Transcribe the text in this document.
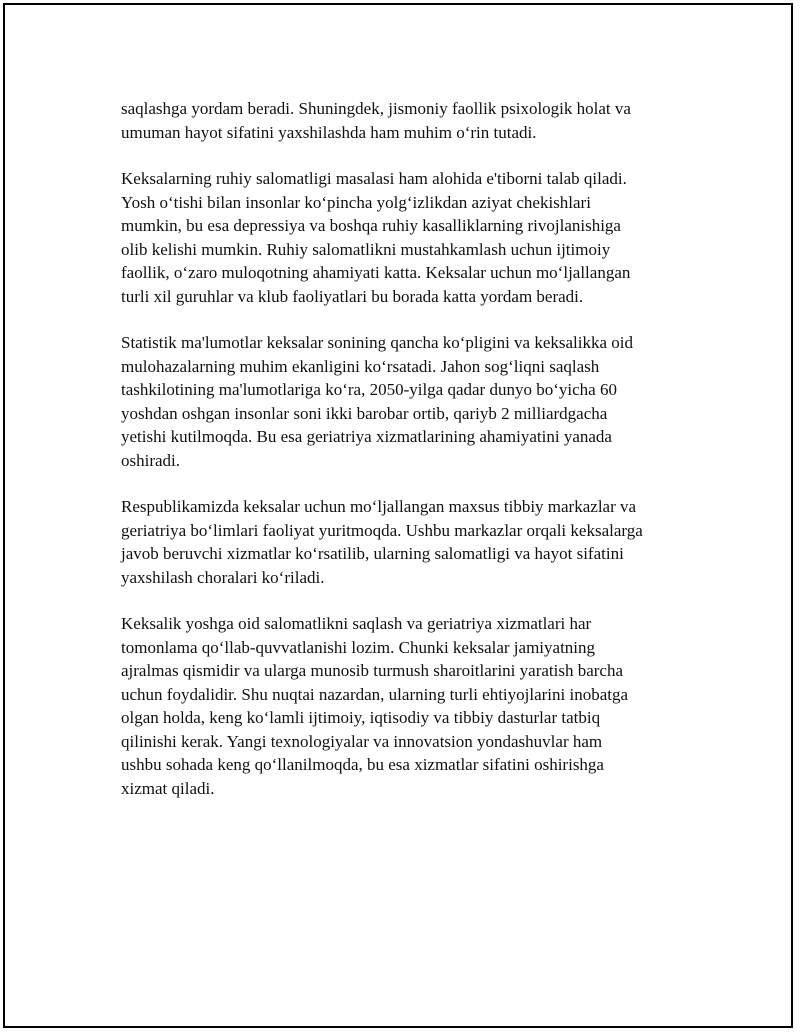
saqlashga yordam beradi. Shuningdek, jismoniy faollik psixologik holat va
umuman hayot sifatini yaxshilashda ham muhim o‘rin tutadi.

Keksalarning ruhiy salomatligi masalasi ham alohida e'tiborni talab qiladi.
Yosh o‘tishi bilan insonlar ko‘pincha yolg‘izlikdan aziyat chekishlari
mumkin, bu esa depressiya va boshqa ruhiy kasalliklarning rivojlanishiga
olib kelishi mumkin. Ruhiy salomatlikni mustahkamlash uchun ijtimoiy
faollik, o‘zaro muloqotning ahamiyati katta. Keksalar uchun mo‘ljallangan
turli xil guruhlar va klub faoliyatlari bu borada katta yordam beradi.

Statistik ma'lumotlar keksalar sonining qancha ko‘pligini va keksalikka oid
mulohazalarning muhim ekanligini ko‘rsatadi. Jahon sog‘liqni saqlash
tashkilotining ma'lumotlariga ko‘ra, 2050-yilga qadar dunyo bo‘yicha 60
yoshdan oshgan insonlar soni ikki barobar ortib, qariyb 2 milliardgacha
yetishi kutilmoqda. Bu esa geriatriya xizmatlarining ahamiyatini yanada
oshiradi.

Respublikamizda keksalar uchun mo‘ljallangan maxsus tibbiy markazlar va
geriatriya bo‘limlari faoliyat yuritmoqda. Ushbu markazlar orqali keksalarga
javob beruvchi xizmatlar ko‘rsatilib, ularning salomatligi va hayot sifatini
yaxshilash choralari ko‘riladi.

Keksalik yoshga oid salomatlikni saqlash va geriatriya xizmatlari har
tomonlama qo‘llab-quvvatlanishi lozim. Chunki keksalar jamiyatning
ajralmas qismidir va ularga munosib turmush sharoitlarini yaratish barcha
uchun foydalidir. Shu nuqtai nazardan, ularning turli ehtiyojlarini inobatga
olgan holda, keng ko‘lamli ijtimoiy, iqtisodiy va tibbiy dasturlar tatbiq
qilinishi kerak. Yangi texnologiyalar va innovatsion yondashuvlar ham
ushbu sohada keng qo‘llanilmoqda, bu esa xizmatlar sifatini oshirishga
xizmat qiladi.
